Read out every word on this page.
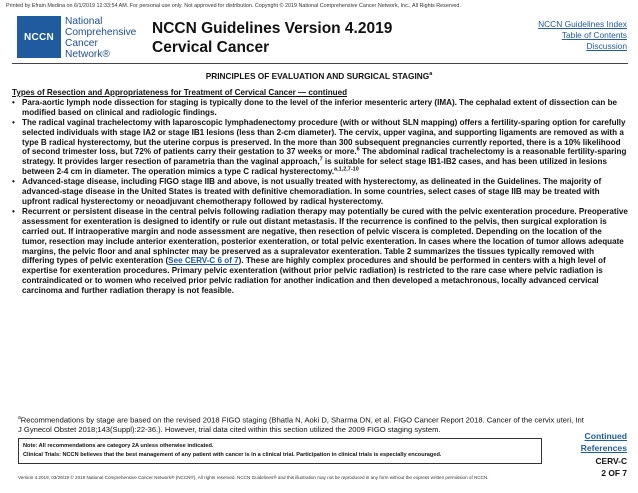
Printed by Efrain Medina on 6/1/2019 12:33:54 AM. For personal use only. Not approved for distribution. Copyright © 2019 National Comprehensive Cancer Network, Inc., All Rights Reserved.
NCCN
National
Comprehensive
Cancer
Network®
NCCN Guidelines Version 4.2019
Cervical Cancer
NCCN Guidelines Index
Table of Contents
Discussion
PRINCIPLES OF EVALUATION AND SURGICAL STAGING$^a$
Types of Resection and Appropriateness for Treatment of Cervical Cancer — continued
• Para-aortic lymph node dissection for staging is typically done to the level of the inferior mesenteric artery (IMA). The cephalad extent of dissection can be modified based on clinical and radiologic findings.
• The radical vaginal trachelectomy with laparoscopic lymphadenectomy procedure (with or without SLN mapping) offers a fertility-sparing option for carefully selected individuals with stage IA2 or stage IB1 lesions (less than 2-cm diameter). The cervix, upper vagina, and supporting ligaments are removed as with a type B radical hysterectomy, but the uterine corpus is preserved. In the more than 300 subsequent pregnancies currently reported, there is a 10% likelihood of second trimester loss, but 72% of patients carry their gestation to 37 weeks or more.$^6$ The abdominal radical trachelectomy is a reasonable fertility-sparing strategy. It provides larger resection of parametria than the vaginal approach,$^7$ is suitable for select stage IB1-IB2 cases, and has been utilized in lesions between 2-4 cm in diameter. The operation mimics a type C radical hysterectomy.$^{a,1,2,7-10}$
• Advanced-stage disease, including FIGO stage IIB and above, is not usually treated with hysterectomy, as delineated in the Guidelines. The majority of advanced-stage disease in the United States is treated with definitive chemoradiation. In some countries, select cases of stage IIB may be treated with upfront radical hysterectomy or neoadjuvant chemotherapy followed by radical hysterectomy.
• Recurrent or persistent disease in the central pelvis following radiation therapy may potentially be cured with the pelvic exenteration procedure. Preoperative assessment for exenteration is designed to identify or rule out distant metastasis. If the recurrence is confined to the pelvis, then surgical exploration is carried out. If intraoperative margin and node assessment are negative, then resection of pelvic viscera is completed. Depending on the location of the tumor, resection may include anterior exenteration, posterior exenteration, or total pelvic exenteration. In cases where the location of tumor allows adequate margins, the pelvic floor and anal sphincter may be preserved as a supralevator exenteration. Table 2 summarizes the tissues typically removed with differing types of pelvic exenteration (See CERV-C 6 of 7). These are highly complex procedures and should be performed in centers with a high level of expertise for exenteration procedures. Primary pelvic exenteration (without prior pelvic radiation) is restricted to the rare case where pelvic radiation is contraindicated or to women who received prior pelvic radiation for another indication and then developed a metachronous, locally advanced cervical carcinoma and further radiation therapy is not feasible.
$^a$Recommendations by stage are based on the revised 2018 FIGO staging (Bhatla N, Aoki D, Sharma DN, et al. FIGO Cancer Report 2018. Cancer of the cervix uteri, Int J Gynecol Obstet 2018;143(Suppl):22-36.). However, trial data cited within this section utilized the 2009 FIGO staging system.
Note: All recommendations are category 2A unless otherwise indicated.
Clinical Trials: NCCN believes that the best management of any patient with cancer is in a clinical trial. Participation in clinical trials is especially encouraged.
Continued
References
CERV-C
2 OF 7
Version 4.2019, 03/29/19 © 2019 National Comprehensive Cancer Network® (NCCN®), All rights reserved. NCCN Guidelines® and this illustration may not be reproduced in any form without the express written permission of NCCN.
